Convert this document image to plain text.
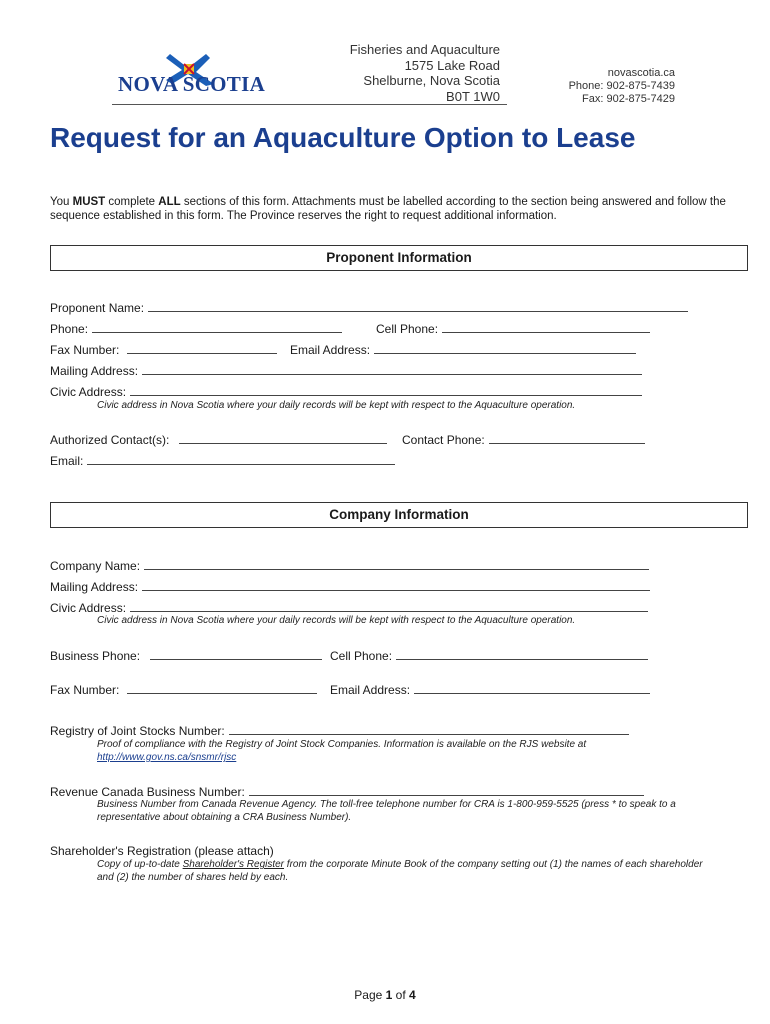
NOVA SCOTIA
Fisheries and Aquaculture
1575 Lake Road
Shelburne, Nova Scotia
B0T 1W0
novascotia.ca
Phone: 902-875-7439
Fax: 902-875-7429
Request for an Aquaculture Option to Lease
You MUST complete ALL sections of this form. Attachments must be labelled according to the section being answered and follow the sequence established in this form. The Province reserves the right to request additional information.
Proponent Information
Proponent Name:
Phone:	Cell Phone:
Fax Number:	Email Address:
Mailing Address:
Civic Address:
Civic address in Nova Scotia where your daily records will be kept with respect to the Aquaculture operation.
Authorized Contact(s):	Contact Phone:
Email:
Company Information
Company Name:
Mailing Address:
Civic Address:
Civic address in Nova Scotia where your daily records will be kept with respect to the Aquaculture operation.
Business Phone:	Cell Phone:
Fax Number:	Email Address:
Registry of Joint Stocks Number:
Proof of compliance with the Registry of Joint Stock Companies. Information is available on the RJS website at
http://www.gov.ns.ca/snsmr/rjsc
Revenue Canada Business Number:
Business Number from Canada Revenue Agency. The toll-free telephone number for CRA is 1-800-959-5525 (press * to speak to a representative about obtaining a CRA Business Number).
Shareholder's Registration (please attach)
Copy of up-to-date Shareholder's Register from the corporate Minute Book of the company setting out (1) the names of each shareholder and (2) the number of shares held by each.
Page 1 of 4
